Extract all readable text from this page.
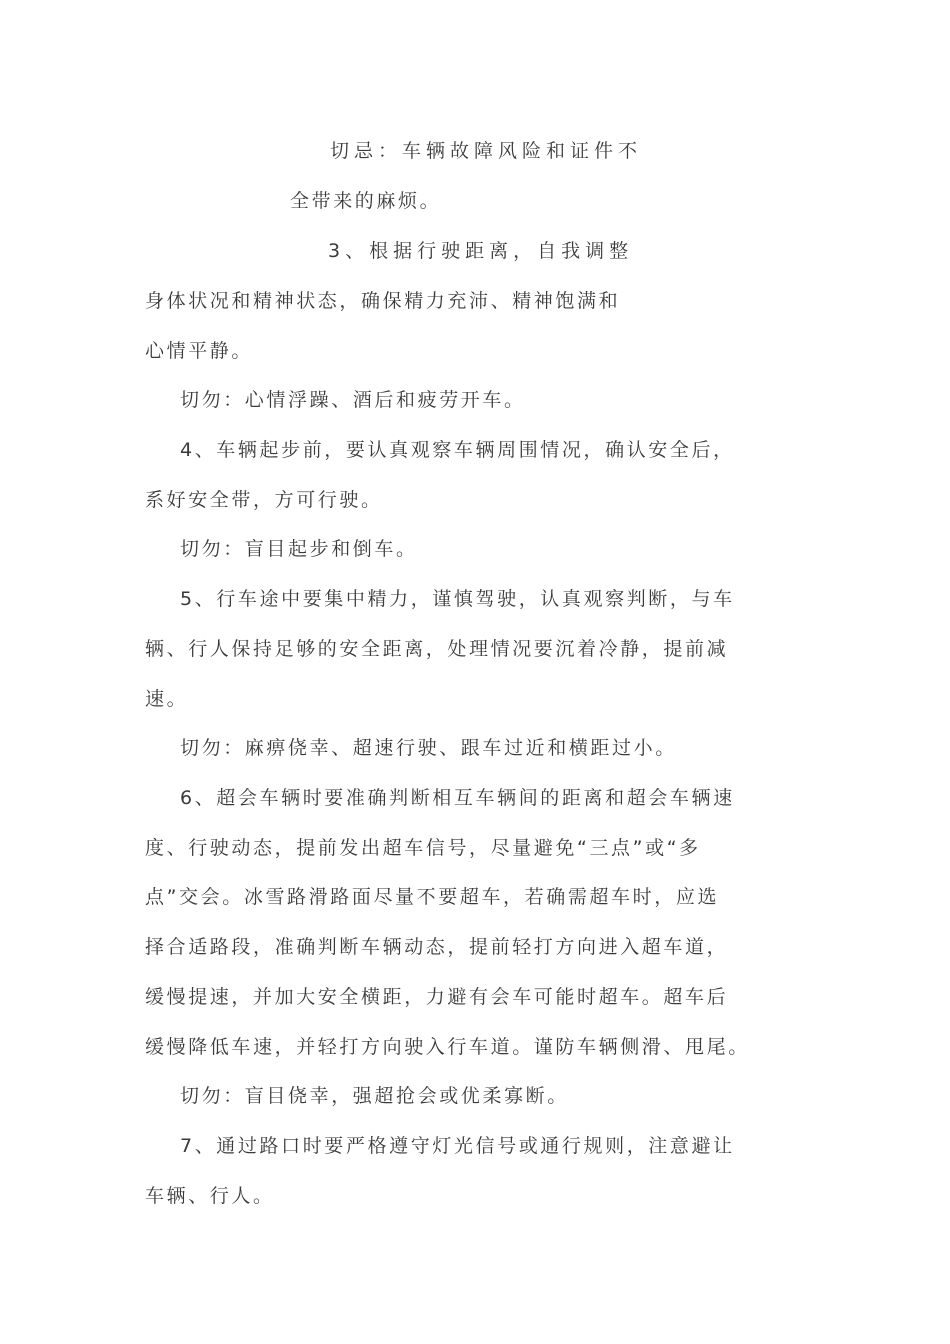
切忌：车辆故障风险和证件不
全带来的麻烦。
3、根据行驶距离，自我调整
身体状况和精神状态，确保精力充沛、精神饱满和
心情平静。
切勿：心情浮躁、酒后和疲劳开车。
4、车辆起步前，要认真观察车辆周围情况，确认安全后，
系好安全带，方可行驶。
切勿：盲目起步和倒车。
5、行车途中要集中精力，谨慎驾驶，认真观察判断，与车
辆、行人保持足够的安全距离，处理情况要沉着冷静，提前减
速。
切勿：麻痹侥幸、超速行驶、跟车过近和横距过小。
6、超会车辆时要准确判断相互车辆间的距离和超会车辆速
度、行驶动态，提前发出超车信号，尽量避免“三点”或“多
点”交会。冰雪路滑路面尽量不要超车，若确需超车时，应选
择合适路段，准确判断车辆动态，提前轻打方向进入超车道，
缓慢提速，并加大安全横距，力避有会车可能时超车。超车后
缓慢降低车速，并轻打方向驶入行车道。谨防车辆侧滑、甩尾。
切勿：盲目侥幸，强超抢会或优柔寡断。
7、通过路口时要严格遵守灯光信号或通行规则，注意避让
车辆、行人。
